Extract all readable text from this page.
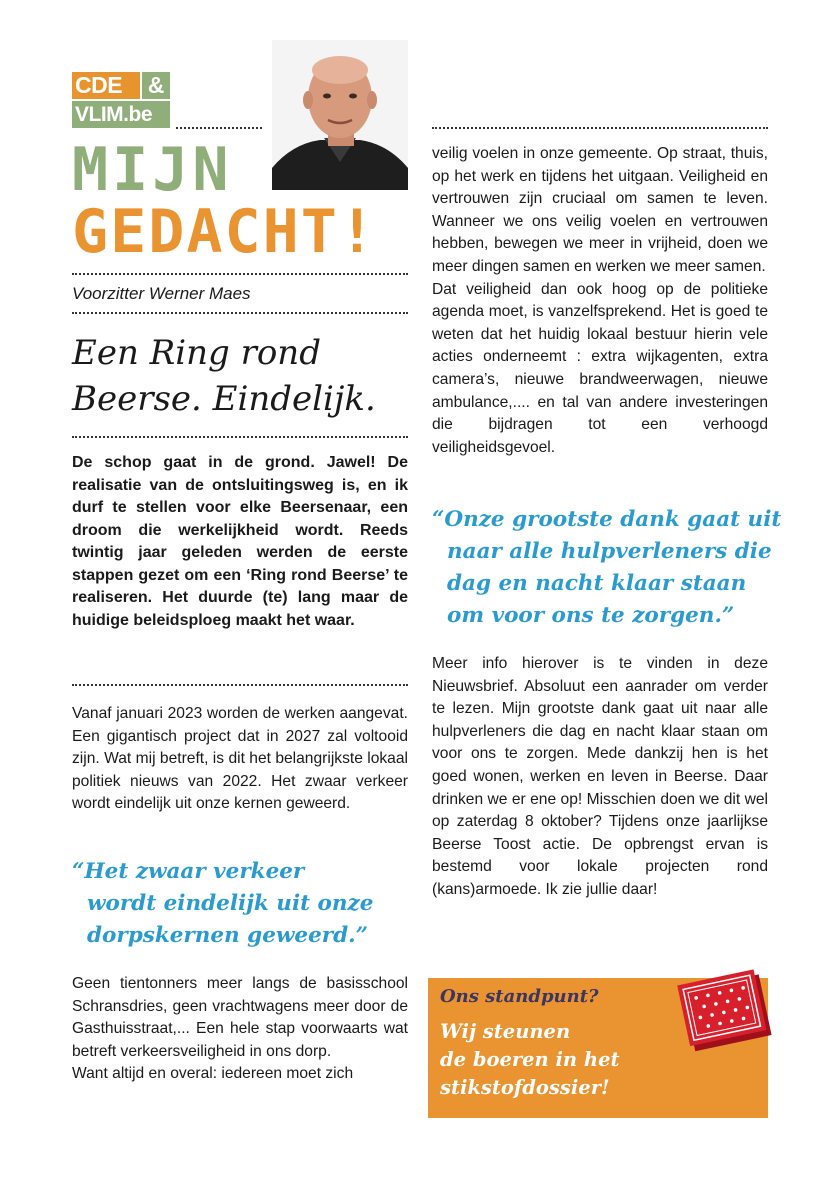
CDE	&
VLIM.be
MIJN
GEDACHT!
Voorzitter Werner Maes
Een Ring rond
Beerse. Eindelijk.
De schop gaat in de grond. Jawel! De realisatie van de ontsluitingsweg is, en ik durf te stellen voor elke Beersenaar, een droom die werkelijkheid wordt. Reeds twintig jaar geleden werden de eerste stappen gezet om een ‘Ring rond Beerse’ te realiseren. Het duurde (te) lang maar de huidige beleidsploeg maakt het waar.
Vanaf januari 2023 worden de werken aangevat. Een gigantisch project dat in 2027 zal voltooid zijn. Wat mij betreft, is dit het belangrijkste lokaal politiek nieuws van 2022. Het zwaar verkeer wordt eindelijk uit onze kernen geweerd.
“Het zwaar verkeer
wordt eindelijk uit onze
dorpskernen geweerd.”
Geen tientonners meer langs de basisschool Schransdries, geen vrachtwagens meer door de Gasthuisstraat,... Een hele stap voorwaarts wat betreft verkeersveiligheid in ons dorp.
Want altijd en overal: iedereen moet zich
veilig voelen in onze gemeente. Op straat, thuis, op het werk en tijdens het uitgaan. Veiligheid en vertrouwen zijn cruciaal om samen te leven. Wanneer we ons veilig voelen en vertrouwen hebben, bewegen we meer in vrijheid, doen we meer dingen samen en werken we meer samen.
Dat veiligheid dan ook hoog op de politieke agenda moet, is vanzelfsprekend. Het is goed te weten dat het huidig lokaal bestuur hierin vele acties onderneemt : extra wijkagenten, extra camera’s, nieuwe brandweerwagen, nieuwe ambulance,.... en tal van andere investeringen die bijdragen tot een verhoogd veiligheidsgevoel.
“Onze grootste dank gaat uit
naar alle hulpverleners die
dag en nacht klaar staan
om voor ons te zorgen.”
Meer info hierover is te vinden in deze Nieuwsbrief. Absoluut een aanrader om verder te lezen. Mijn grootste dank gaat uit naar alle hulpverleners die dag en nacht klaar staan om voor ons te zorgen. Mede dankzij hen is het goed wonen, werken en leven in Beerse. Daar drinken we er ene op! Misschien doen we dit wel op zaterdag 8 oktober? Tijdens onze jaarlijkse Beerse Toost actie. De opbrengst ervan is bestemd voor lokale projecten rond (kans)armoede. Ik zie jullie daar!
Ons standpunt?
Wij steunen
de boeren in het
stikstofdossier!
